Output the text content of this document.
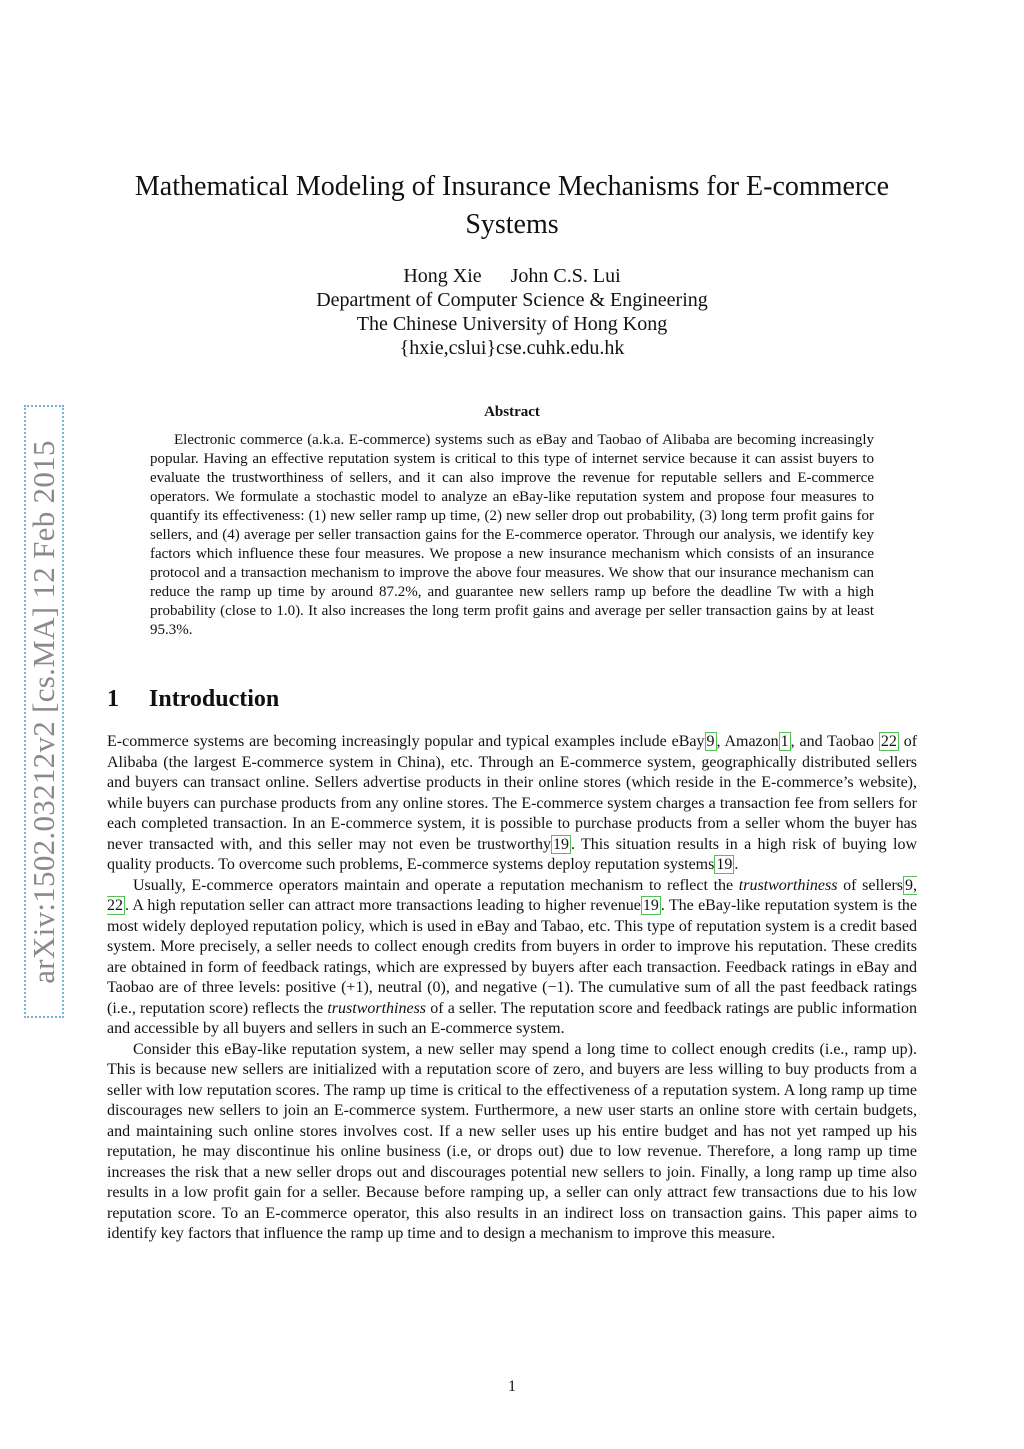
arXiv:1502.03212v2 [cs.MA] 12 Feb 2015
Mathematical Modeling of Insurance Mechanisms for E-commerce Systems
Hong Xie John C.S. Lui
Department of Computer Science & Engineering
The Chinese University of Hong Kong
{hxie,cslui}cse.cuhk.edu.hk
Abstract

Electronic commerce (a.k.a. E-commerce) systems such as eBay and Taobao of Alibaba are becoming increasingly popular. Having an effective reputation system is critical to this type of internet service because it can assist buyers to evaluate the trustworthiness of sellers, and it can also improve the revenue for reputable sellers and E-commerce operators. We formulate a stochastic model to analyze an eBay-like reputation system and propose four measures to quantify its effectiveness: (1) new seller ramp up time, (2) new seller drop out probability, (3) long term profit gains for sellers, and (4) average per seller transaction gains for the E-commerce operator. Through our analysis, we identify key factors which influence these four measures. We propose a new insurance mechanism which consists of an insurance protocol and a transaction mechanism to improve the above four measures. We show that our insurance mechanism can reduce the ramp up time by around 87.2%, and guarantee new sellers ramp up before the deadline Tw with a high probability (close to 1.0). It also increases the long term profit gains and average per seller transaction gains by at least 95.3%.

1 Introduction

E-commerce systems are becoming increasingly popular and typical examples include eBay 9 , Amazon 1 , and Taobao 22 of Alibaba (the largest E-commerce system in China), etc. Through an E-commerce system, geographically distributed sellers and buyers can transact online. Sellers advertise products in their online stores (which reside in the E-commerce’s website), while buyers can purchase products from any online stores. The E-commerce system charges a transaction fee from sellers for each completed transaction. In an E-commerce system, it is possible to purchase products from a seller whom the buyer has never transacted with, and this seller may not even be trustworthy 19 . This situation results in a high risk of buying low quality products. To overcome such problems, E-commerce systems deploy reputation systems 19 .

Usually, E-commerce operators maintain and operate a reputation mechanism to reflect the trustworthiness of sellers 9, 22 . A high reputation seller can attract more transactions leading to higher revenue 19 . The eBay-like reputation system is the most widely deployed reputation policy, which is used in eBay and Tabao, etc. This type of reputation system is a credit based system. More precisely, a seller needs to collect enough credits from buyers in order to improve his reputation. These credits are obtained in form of feedback ratings, which are expressed by buyers after each transaction. Feedback ratings in eBay and Taobao are of three levels: positive (+1), neutral (0), and negative (−1). The cumulative sum of all the past feedback ratings (i.e., reputation score) reflects the trustworthiness of a seller. The reputation score and feedback ratings are public information and accessible by all buyers and sellers in such an E-commerce system.

Consider this eBay-like reputation system, a new seller may spend a long time to collect enough credits (i.e., ramp up). This is because new sellers are initialized with a reputation score of zero, and buyers are less willing to buy products from a seller with low reputation scores. The ramp up time is critical to the effectiveness of a reputation system. A long ramp up time discourages new sellers to join an E-commerce system. Furthermore, a new user starts an online store with certain budgets, and maintaining such online stores involves cost. If a new seller uses up his entire budget and has not yet ramped up his reputation, he may discontinue his online business (i.e, or drops out) due to low revenue. Therefore, a long ramp up time increases the risk that a new seller drops out and discourages potential new sellers to join. Finally, a long ramp up time also results in a low profit gain for a seller. Because before ramping up, a seller can only attract few transactions due to his low reputation score. To an E-commerce operator, this also results in an indirect loss on transaction gains. This paper aims to identify key factors that influence the ramp up time and to design a mechanism to improve this measure.

1
